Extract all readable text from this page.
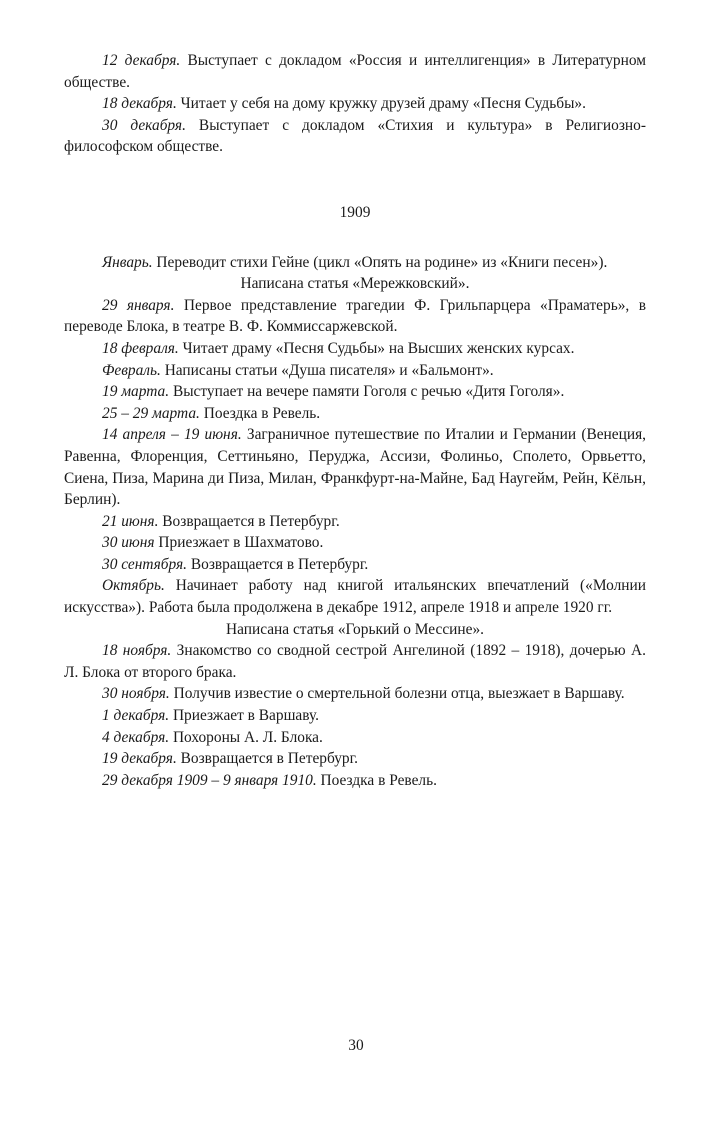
12 декабря. Выступает с докладом «Россия и интеллигенция» в Литературном обществе.

18 декабря. Читает у себя на дому кружку друзей драму «Песня Судьбы».

30 декабря. Выступает с докладом «Стихия и культура» в Религиозно-философском обществе.

1909

Январь. Переводит стихи Гейне (цикл «Опять на родине» из «Книги песен»).

Написана статья «Мережковский».

29 января. Первое представление трагедии Ф. Грильпарцера «Праматерь», в переводе Блока, в театре В. Ф. Коммиссаржевской.

18 февраля. Читает драму «Песня Судьбы» на Высших женских курсах.

Февраль. Написаны статьи «Душа писателя» и «Бальмонт».

19 марта. Выступает на вечере памяти Гоголя с речью «Дитя Гоголя».

25 – 29 марта. Поездка в Ревель.

14 апреля – 19 июня. Заграничное путешествие по Италии и Германии (Венеция, Равенна, Флоренция, Сеттиньяно, Перуджа, Ассизи, Фолиньо, Сполето, Орвьетто, Сиена, Пиза, Марина ди Пиза, Милан, Франкфурт-на-Майне, Бад Наугейм, Рейн, Кёльн, Берлин).

21 июня. Возвращается в Петербург.

30 июня Приезжает в Шахматово.

30 сентября. Возвращается в Петербург.

Октябрь. Начинает работу над книгой итальянских впечатлений («Молнии искусства»). Работа была продолжена в декабре 1912, апреле 1918 и апреле 1920 гг.

Написана статья «Горький о Мессине».

18 ноября. Знакомство со сводной сестрой Ангелиной (1892 – 1918), дочерью А. Л. Блока от второго брака.

30 ноября. Получив известие о смертельной болезни отца, выезжает в Варшаву.

1 декабря. Приезжает в Варшаву.

4 декабря. Похороны А. Л. Блока.

19 декабря. Возвращается в Петербург.

29 декабря 1909 – 9 января 1910. Поездка в Ревель.

30
